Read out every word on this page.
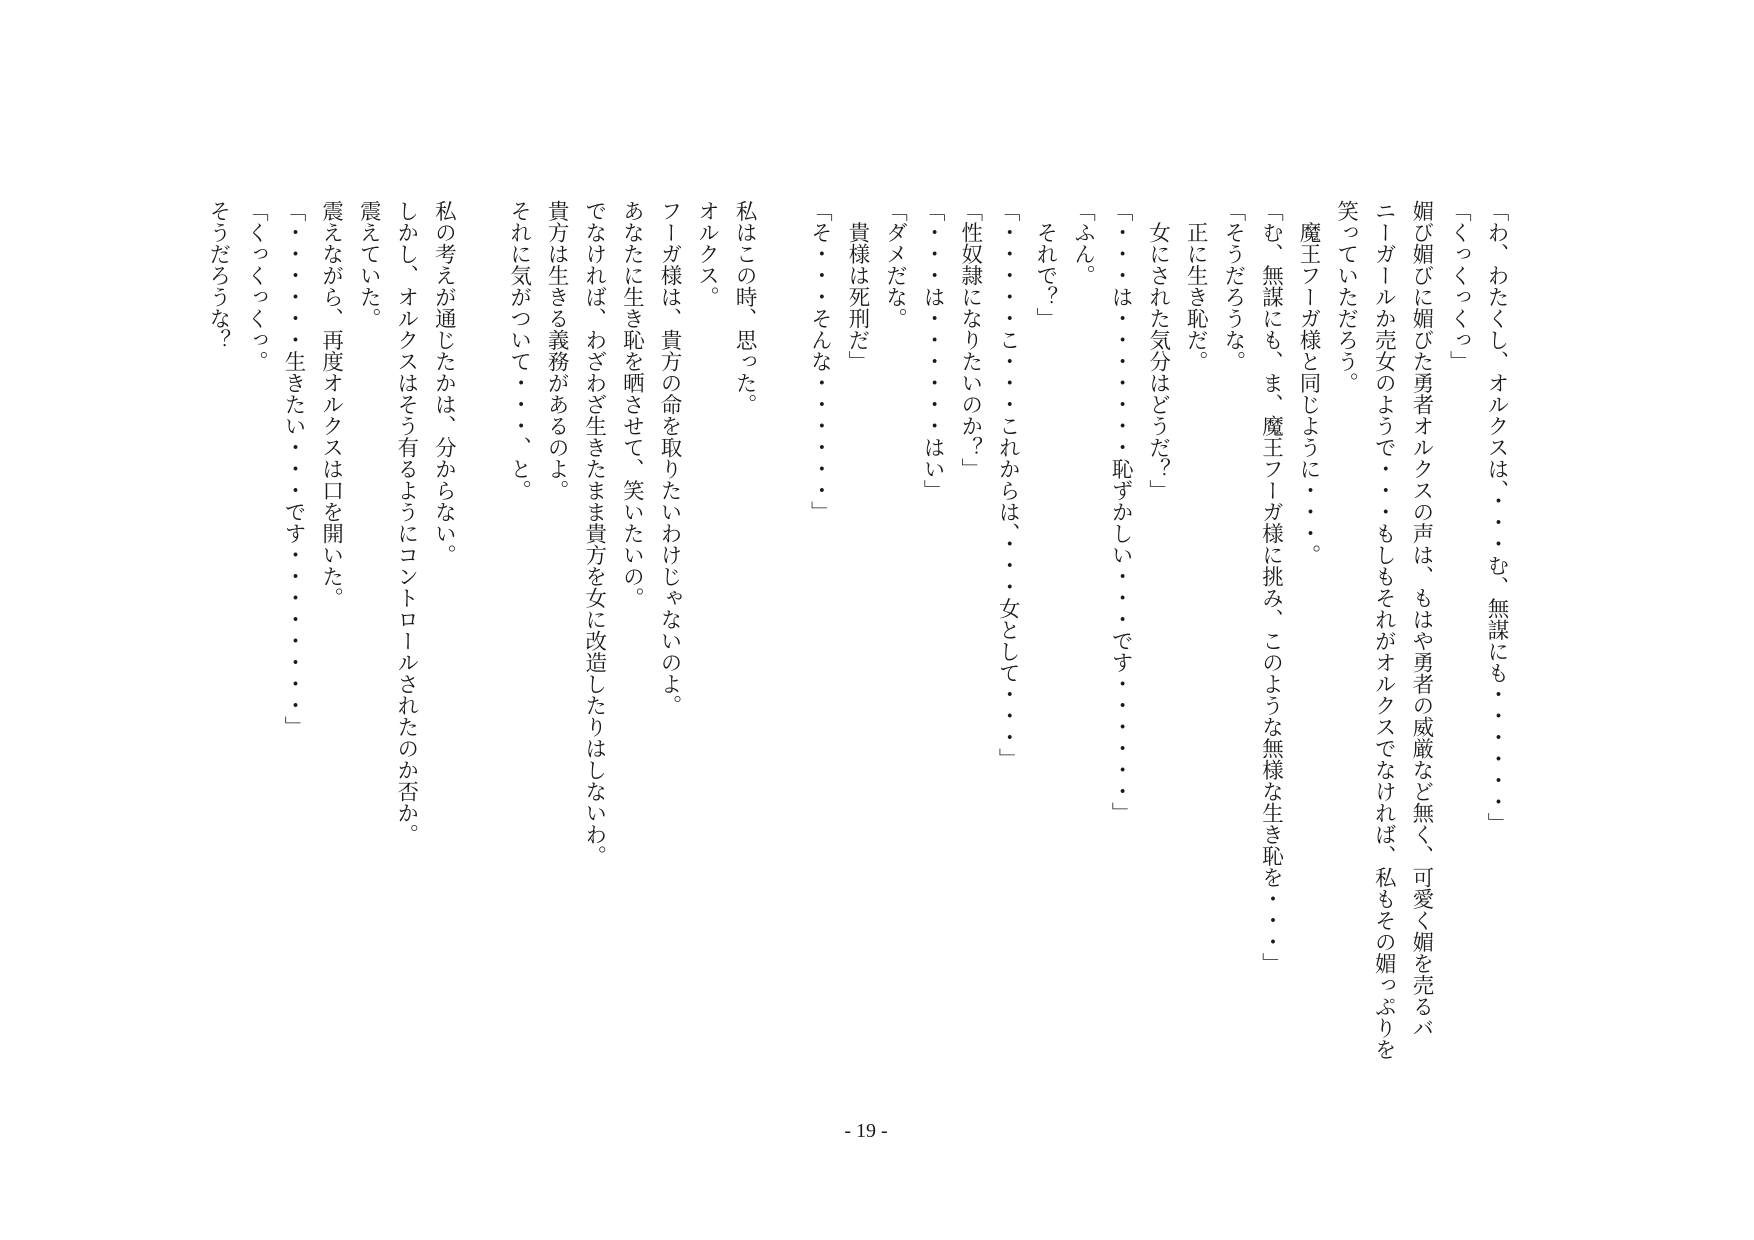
「わ、わたくし、オルクスは、・・・む、無謀にも・・・・・・」
「くっくっくっ」
媚び媚びに媚びた勇者オルクスの声は、もはや勇者の威厳など無く、可愛く媚を売るバ
ニーガールか売女のようで・・・もしもそれがオルクスでなければ、私もその媚っぷりを
笑っていただろう。
　魔王フーガ様と同じように・・・。
「む、無謀にも、ま、魔王フーガ様に挑み、このような無様な生き恥を・・・」
「そうだろうな。
　正に生き恥だ。
　女にされた気分はどうだ？」
「・・・は・・・・・・・恥ずかしい・・・です・・・・・・」
「ふん。
　それで？」
「・・・・・こ・・・これからは、・・・女として・・・」
「性奴隷になりたいのか？」
「・・・は・・・・・・はい」
「ダメだな。
　貴様は死刑だ」
「そ・・・そんな・・・・・・」
私はこの時、思った。
オルクス。
フーガ様は、貴方の命を取りたいわけじゃないのよ。
あなたに生き恥を晒させて、笑いたいの。
でなければ、わざわざ生きたまま貴方を女に改造したりはしないわ。
貴方は生きる義務があるのよ。
それに気がついて・・・、と。
私の考えが通じたかは、分からない。
しかし、オルクスはそう有るようにコントロールされたのか否か。
震えていた。
震えながら、再度オルクスは口を開いた。
「・・・・・・生きたい・・・です・・・・・・・・」
「くっくっくっ。
そうだろうな？
- 19 -
